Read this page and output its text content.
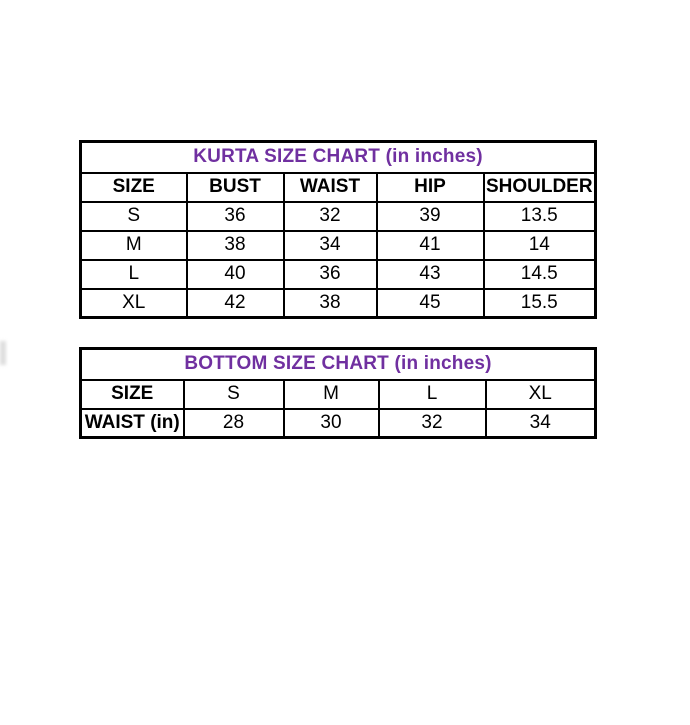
KURTA SIZE CHART (in inches)				
SIZE	BUST	WAIST	HIP	SHOULDER
S	36	32	39	13.5
M	38	34	41	14
L	40	36	43	14.5
XL	42	38	45	15.5
BOTTOM SIZE CHART (in inches)				
SIZE	S	M	L	XL
WAIST (in)	28	30	32	34
